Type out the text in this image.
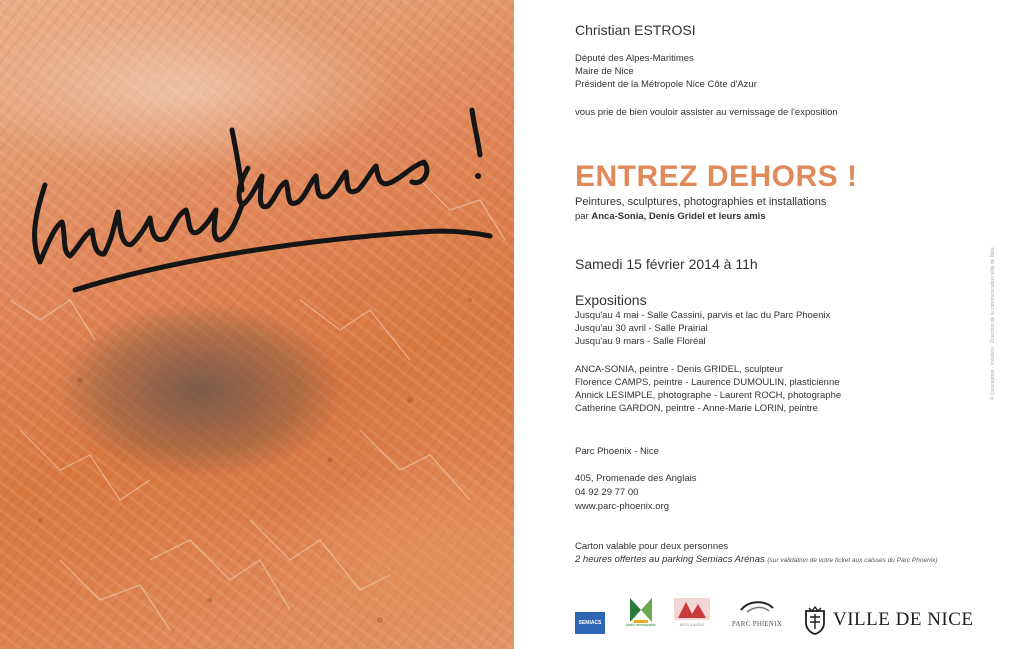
Christian ESTROSI
Député des Alpes-Maritimes
Maire de Nice
Président de la Métropole Nice Côte d'Azur
vous prie de bien vouloir assister au vernissage de l'exposition
ENTREZ DEHORS !
Peintures, sculptures, photographies et installations
par Anca-Sonia, Denis Gridel et leurs amis
Samedi 15 février 2014 à 11h
Expositions
Jusqu'au 4 mai - Salle Cassini, parvis et lac du Parc Phoenix
Jusqu'au 30 avril - Salle Prairial
Jusqu'au 9 mars - Salle Floréal
ANCA-SONIA, peintre - Denis GRIDEL, sculpteur
Florence CAMPS, peintre - Laurence DUMOULIN, plasticienne
Annick LESIMPLE, photographe - Laurent ROCH, photographe
Catherine GARDON, peintre - Anne-Marie LORIN, peintre
Parc Phoenix - Nice
405, Promenade des Anglais
04 92 29 77 00
www.parc-phoenix.org
Carton valable pour deux personnes
2 heures offertes au parking Semiacs Arénas (sur validation de votre ticket aux caisses du Parc Phoenix)
© Conception - création : Direction de la communication Ville de Nice
SEMIACS	jardin remarquable	ARTS & AUDIO	PARC PHŒNIX	VILLE DE NICE
